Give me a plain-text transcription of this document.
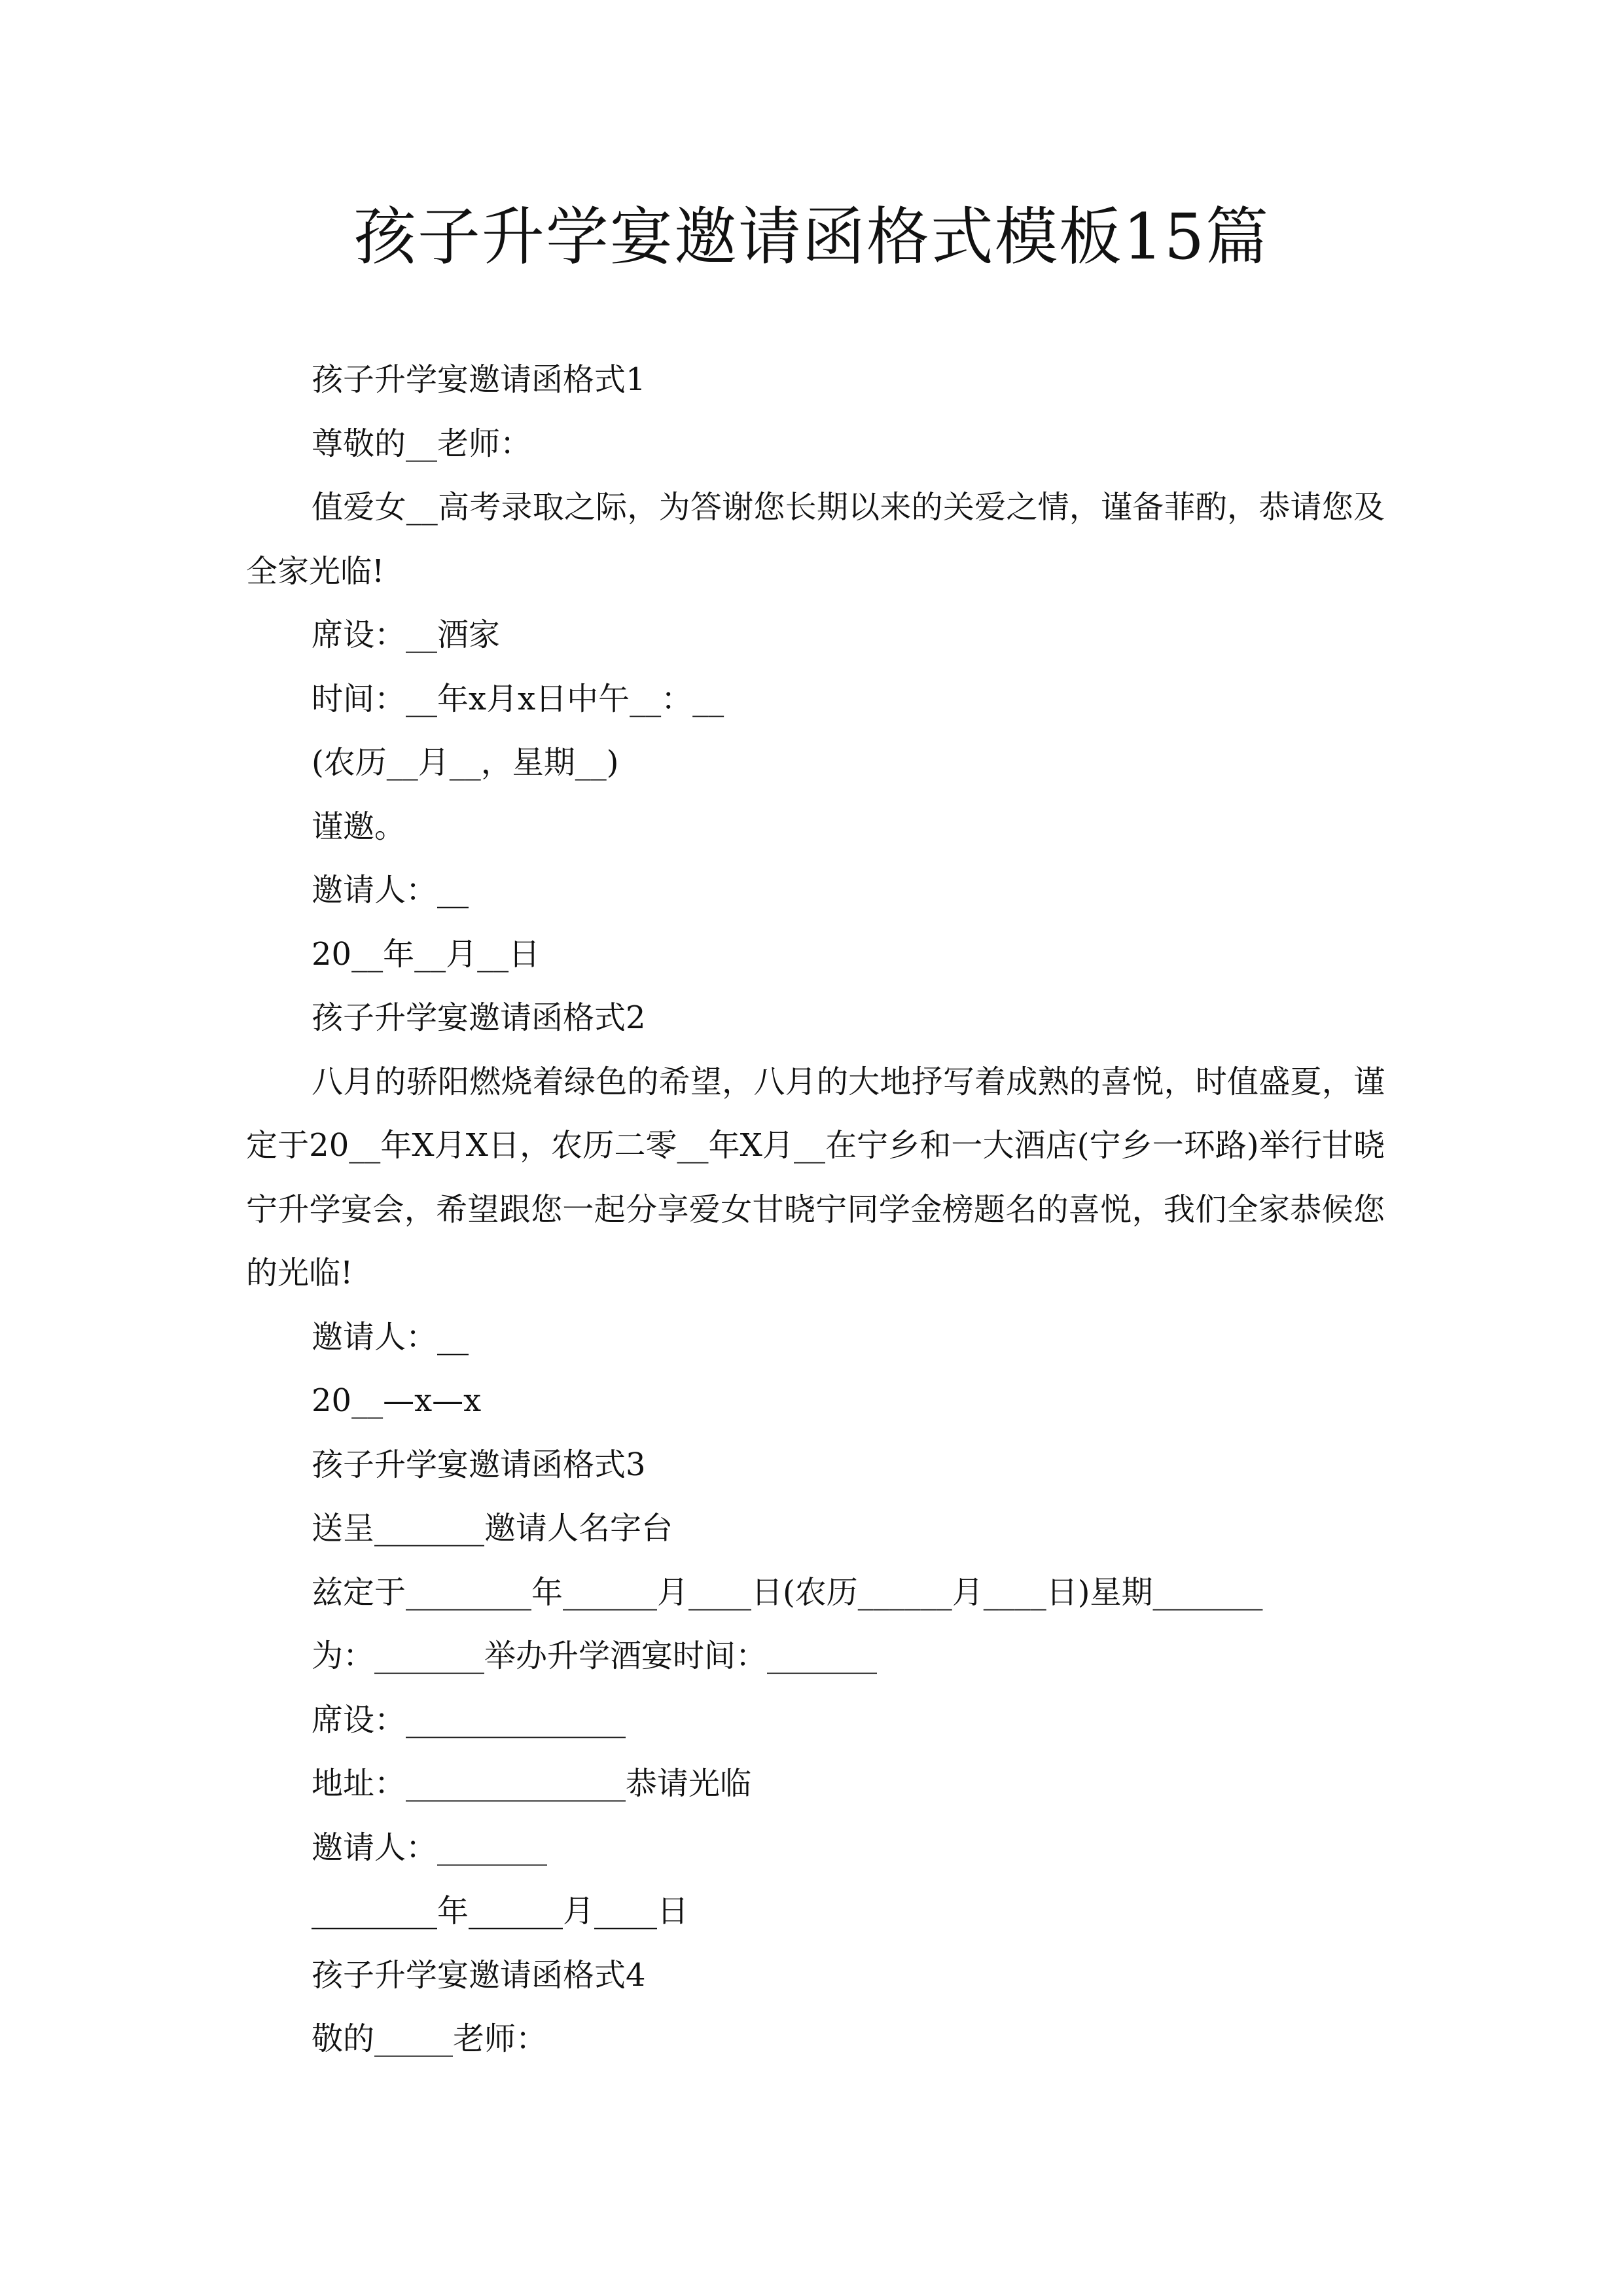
孩子升学宴邀请函格式模板15篇

孩子升学宴邀请函格式1

尊敬的__老师：

值爱女__高考录取之际，为答谢您长期以来的关爱之情，谨备菲酌，恭请您及全家光临!

席设：__酒家

时间：__年x月x日中午__：__

(农历__月__，星期__)

谨邀。

邀请人：__

20__年__月__日

孩子升学宴邀请函格式2

八月的骄阳燃烧着绿色的希望，八月的大地抒写着成熟的喜悦，时值盛夏，谨定于20__年X月X日，农历二零__年X月__在宁乡和一大酒店(宁乡一环路)举行甘晓宁升学宴会，希望跟您一起分享爱女甘晓宁同学金榜题名的喜悦，我们全家恭候您的光临!

邀请人：__

20__—x—x

孩子升学宴邀请函格式3

送呈_______邀请人名字台

兹定于________年______月____日(农历______月____日)星期_______

为：_______举办升学酒宴时间：_______

席设：______________

地址：______________恭请光临

邀请人：_______

________年______月____日

孩子升学宴邀请函格式4

敬的_____老师：
